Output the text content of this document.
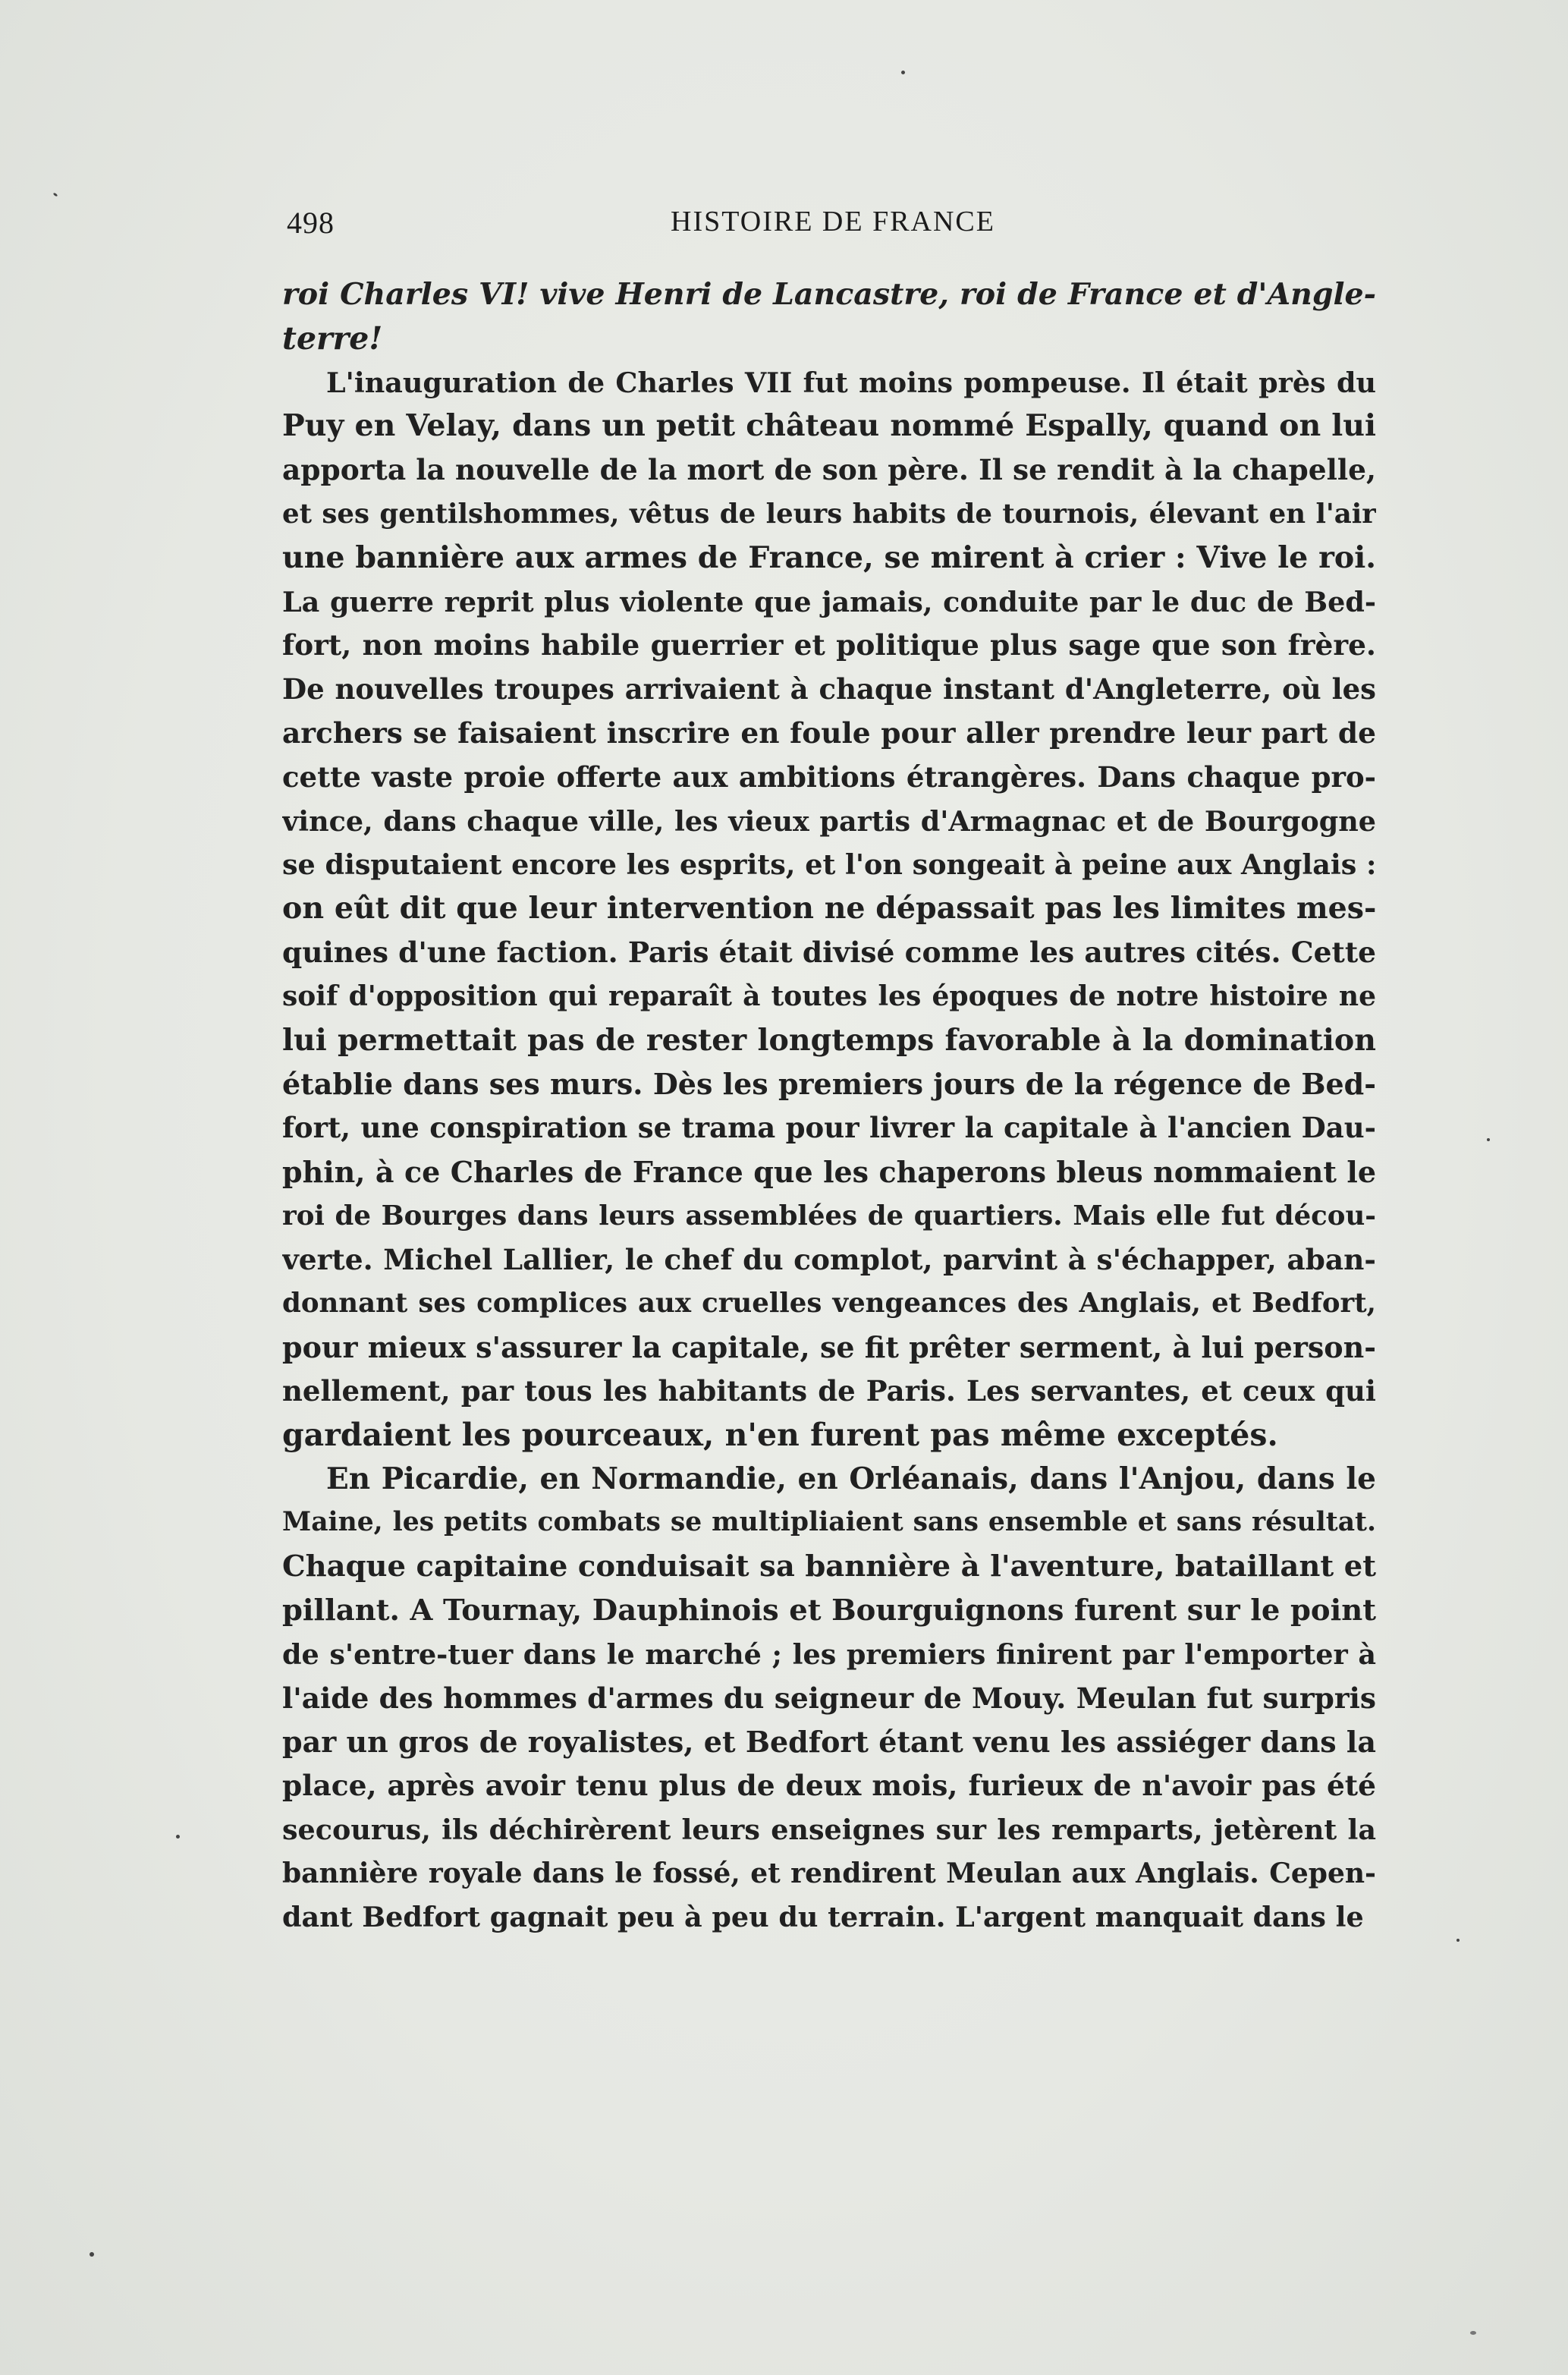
498	HISTOIRE DE FRANCE
roi Charles VI! vive Henri de Lancastre, roi de France et d'Angle-
terre!
L'inauguration de Charles VII fut moins pompeuse. Il était près du
Puy en Velay, dans un petit château nommé Espally, quand on lui
apporta la nouvelle de la mort de son père. Il se rendit à la chapelle,
et ses gentilshommes, vêtus de leurs habits de tournois, élevant en l'air
une bannière aux armes de France, se mirent à crier : Vive le roi.
La guerre reprit plus violente que jamais, conduite par le duc de Bed-
fort, non moins habile guerrier et politique plus sage que son frère.
De nouvelles troupes arrivaient à chaque instant d'Angleterre, où les
archers se faisaient inscrire en foule pour aller prendre leur part de
cette vaste proie offerte aux ambitions étrangères. Dans chaque pro-
vince, dans chaque ville, les vieux partis d'Armagnac et de Bourgogne
se disputaient encore les esprits, et l'on songeait à peine aux Anglais :
on eût dit que leur intervention ne dépassait pas les limites mes-
quines d'une faction. Paris était divisé comme les autres cités. Cette
soif d'opposition qui reparaît à toutes les époques de notre histoire ne
lui permettait pas de rester longtemps favorable à la domination
établie dans ses murs. Dès les premiers jours de la régence de Bed-
fort, une conspiration se trama pour livrer la capitale à l'ancien Dau-
phin, à ce Charles de France que les chaperons bleus nommaient le
roi de Bourges dans leurs assemblées de quartiers. Mais elle fut décou-
verte. Michel Lallier, le chef du complot, parvint à s'échapper, aban-
donnant ses complices aux cruelles vengeances des Anglais, et Bedfort,
pour mieux s'assurer la capitale, se fit prêter serment, à lui person-
nellement, par tous les habitants de Paris. Les servantes, et ceux qui
gardaient les pourceaux, n'en furent pas même exceptés.
En Picardie, en Normandie, en Orléanais, dans l'Anjou, dans le
Maine, les petits combats se multipliaient sans ensemble et sans résultat.
Chaque capitaine conduisait sa bannière à l'aventure, bataillant et
pillant. A Tournay, Dauphinois et Bourguignons furent sur le point
de s'entre-tuer dans le marché ; les premiers finirent par l'emporter à
l'aide des hommes d'armes du seigneur de Mouy. Meulan fut surpris
par un gros de royalistes, et Bedfort étant venu les assiéger dans la
place, après avoir tenu plus de deux mois, furieux de n'avoir pas été
secourus, ils déchirèrent leurs enseignes sur les remparts, jetèrent la
bannière royale dans le fossé, et rendirent Meulan aux Anglais. Cepen-
dant Bedfort gagnait peu à peu du terrain. L'argent manquait dans le
